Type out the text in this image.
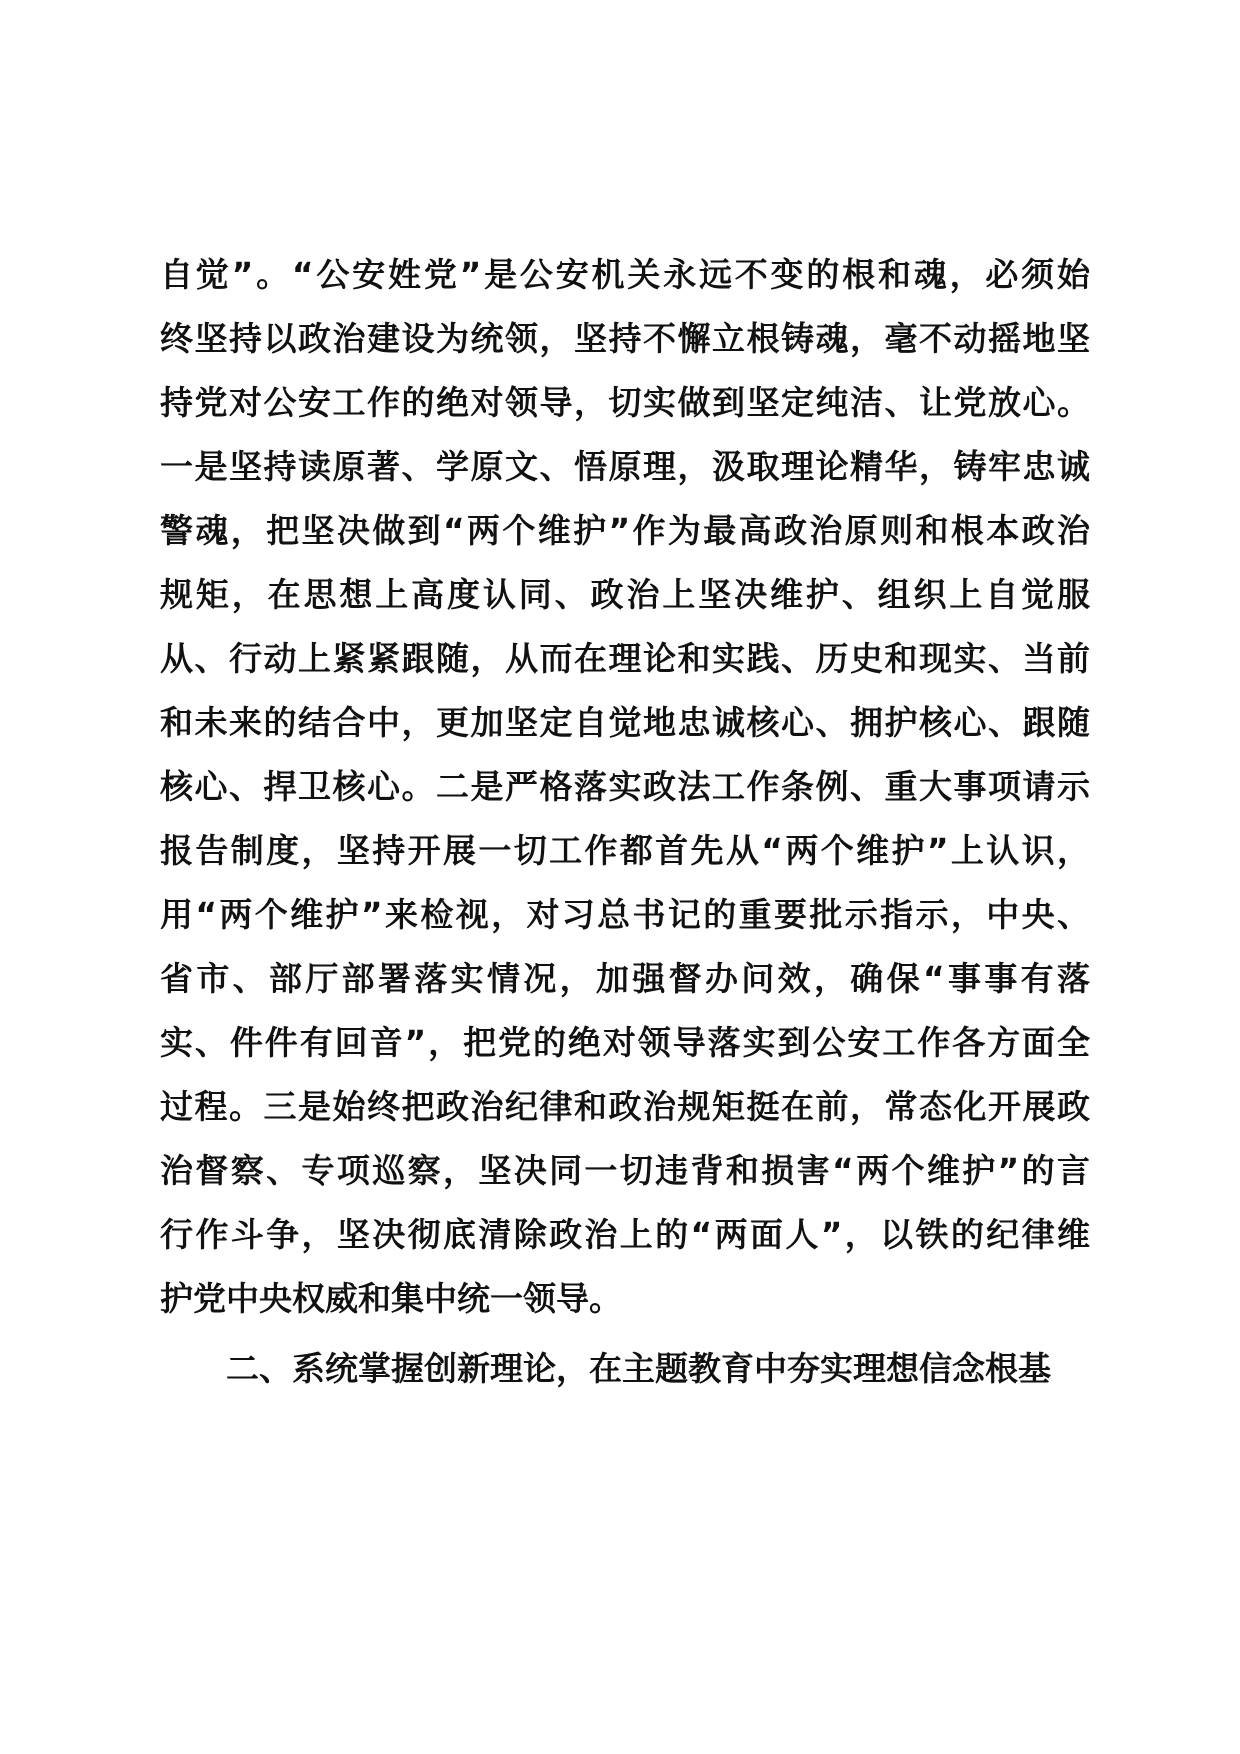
自觉”。“公安姓党”是公安机关永远不变的根和魂，必须始
终坚持以政治建设为统领，坚持不懈立根铸魂，毫不动摇地坚
持党对公安工作的绝对领导，切实做到坚定纯洁、让党放心。
一是坚持读原著、学原文、悟原理，汲取理论精华，铸牢忠诚
警魂，把坚决做到“两个维护”作为最高政治原则和根本政治
规矩，在思想上高度认同、政治上坚决维护、组织上自觉服
从、行动上紧紧跟随，从而在理论和实践、历史和现实、当前
和未来的结合中，更加坚定自觉地忠诚核心、拥护核心、跟随
核心、捍卫核心。二是严格落实政法工作条例、重大事项请示
报告制度，坚持开展一切工作都首先从“两个维护”上认识，
用“两个维护”来检视，对习总书记的重要批示指示，中央、
省市、部厅部署落实情况，加强督办问效，确保“事事有落
实、件件有回音”，把党的绝对领导落实到公安工作各方面全
过程。三是始终把政治纪律和政治规矩挺在前，常态化开展政
治督察、专项巡察，坚决同一切违背和损害“两个维护”的言
行作斗争，坚决彻底清除政治上的“两面人”，以铁的纪律维
护党中央权威和集中统一领导。
二、系统掌握创新理论，在主题教育中夯实理想信念根基
